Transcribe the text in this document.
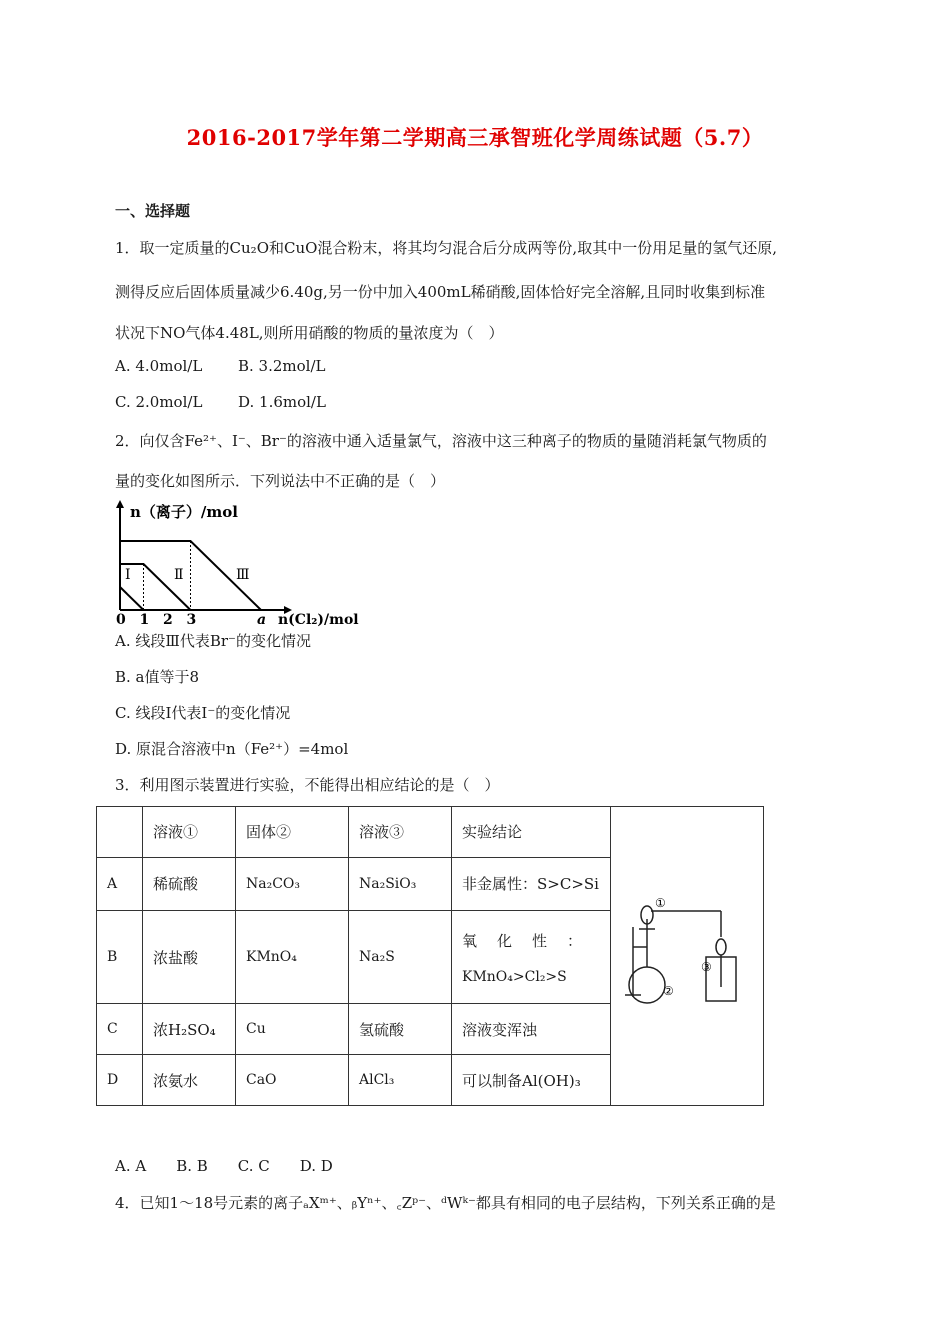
2016-2017学年第二学期高三承智班化学周练试题（5.7）
一、选择题
1．取一定质量的Cu₂O和CuO混合粉末，将其均匀混合后分成两等份,取其中一份用足量的氢气还原,
测得反应后固体质量减少6.40g,另一份中加入400mL稀硝酸,固体恰好完全溶解,且同时收集到标准
状况下NO气体4.48L,则所用硝酸的物质的量浓度为（　）
A. 4.0mol/L B. 3.2mol/L
C. 2.0mol/L D. 1.6mol/L
2．向仅含Fe²⁺、I⁻、Br⁻的溶液中通入适量氯气，溶液中这三种离子的物质的量随消耗氯气物质的
量的变化如图所示．下列说法中不正确的是（　）
n（离子）/mol
n(Cl₂)/mol
0 1 2 3	a
Ⅰ	Ⅱ	Ⅲ
A. 线段Ⅲ代表Br⁻的变化情况
B. a值等于8
C. 线段Ⅰ代表I⁻的变化情况
D. 原混合溶液中n（Fe²⁺）=4mol
3．利用图示装置进行实验，不能得出相应结论的是（　）
	溶液①	固体②	溶液③	实验结论	①
②
③

A	稀硫酸	Na₂CO₃	Na₂SiO₃	非金属性：S>C>Si	
B	浓盐酸	KMnO₄	Na₂S	氧 化 性 ：
KMnO₄>Cl₂>S	

C	浓H₂SO₄	Cu	氢硫酸	溶液变浑浊	
D	浓氨水	CaO	AlCl₃	可以制备Al(OH)₃	
A. A　　B. B　　C. C　　D. D
4．已知1～18号元素的离子ₐXᵐ⁺、ᵦYⁿ⁺、꜀Zᵖ⁻、ᵈWᵏ⁻都具有相同的电子层结构，下列关系正确的是
